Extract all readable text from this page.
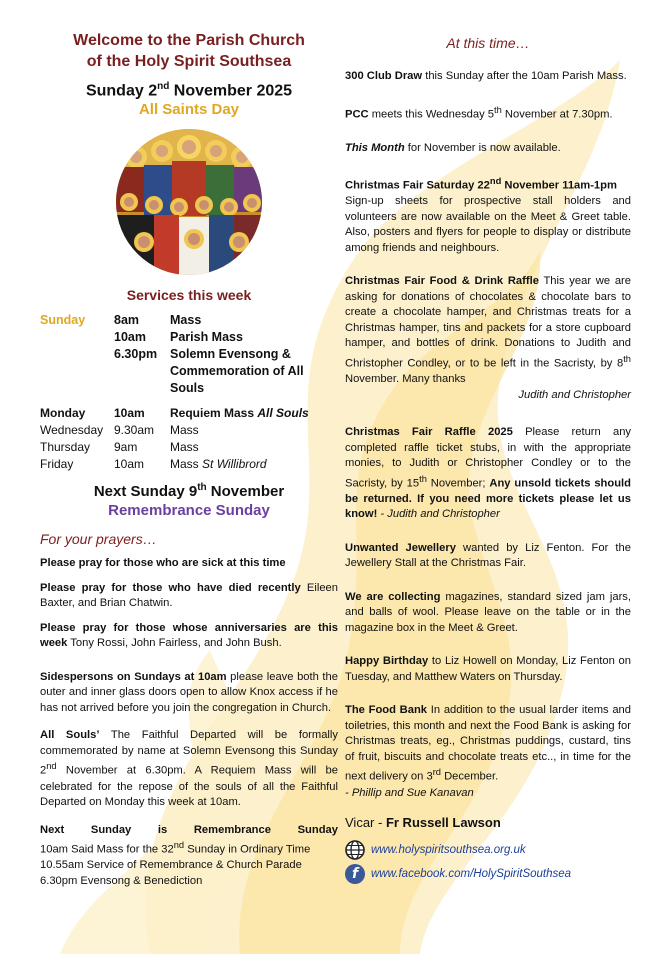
Welcome to the Parish Church
of the Holy Spirit Southsea
Sunday 2nd November 2025
All Saints Day
Services this week
Sunday	8am	Mass
	10am	Parish Mass
	6.30pm	Solemn Evensong &
		Commemoration of All Souls

Monday	10am	Requiem Mass All Souls
Wednesday	9.30am	Mass
Thursday	9am	Mass
Friday	10am	Mass St Willibrord
Next Sunday 9th November
Remembrance Sunday
For your prayers…
Please pray for those who are sick at this time
Please pray for those who have died recently Eileen Baxter, and Brian Chatwin.
Please pray for those whose anniversaries are this week Tony Rossi, John Fairless, and John Bush.
Sidespersons on Sundays at 10am please leave both the outer and inner glass doors open to allow Knox access if he has not arrived before you join the congregation in Church.
All Souls’ The Faithful Departed will be formally commemorated by name at Solemn Evensong this Sunday 2nd November at 6.30pm. A Requiem Mass will be celebrated for the repose of the souls of all the Faithful Departed on Monday this week at 10am.
Next Sunday is Remembrance Sunday
10am Said Mass for the 32nd Sunday in Ordinary Time
10.55am Service of Remembrance & Church Parade
6.30pm Evensong & Benediction
At this time…
300 Club Draw this Sunday after the 10am Parish Mass.
PCC meets this Wednesday 5th November at 7.30pm.
This Month for November is now available.
Christmas Fair Saturday 22nd November 11am-1pm
Sign-up sheets for prospective stall holders and volunteers are now available on the Meet & Greet table. Also, posters and flyers for people to display or distribute among friends and neighbours.
Christmas Fair Food & Drink Raffle This year we are asking for donations of chocolates & chocolate bars to create a chocolate hamper, and Christmas treats for a Christmas hamper, tins and packets for a store cupboard hamper, and bottles of drink. Donations to Judith and Christopher Condley, or to be left in the Sacristy, by 8th November. Many thanks
Judith and Christopher
Christmas Fair Raffle 2025 Please return any completed raffle ticket stubs, in with the appropriate monies, to Judith or Christopher Condley or to the Sacristy, by 15th November; Any unsold tickets should be returned. If you need more tickets please let us know! - Judith and Christopher
Unwanted Jewellery wanted by Liz Fenton. For the Jewellery Stall at the Christmas Fair.
We are collecting magazines, standard sized jam jars, and balls of wool. Please leave on the table or in the magazine box in the Meet & Greet.
Happy Birthday to Liz Howell on Monday, Liz Fenton on Tuesday, and Matthew Waters on Thursday.
The Food Bank In addition to the usual larder items and toiletries, this month and next the Food Bank is asking for Christmas treats, eg., Christmas puddings, custard, tins of fruit, biscuits and chocolate treats etc.., in time for the next delivery on 3rd December.
- Phillip and Sue Kanavan
Vicar - Fr Russell Lawson
www.holyspiritsouthsea.org.uk
f	www.facebook.com/HolySpiritSouthsea
